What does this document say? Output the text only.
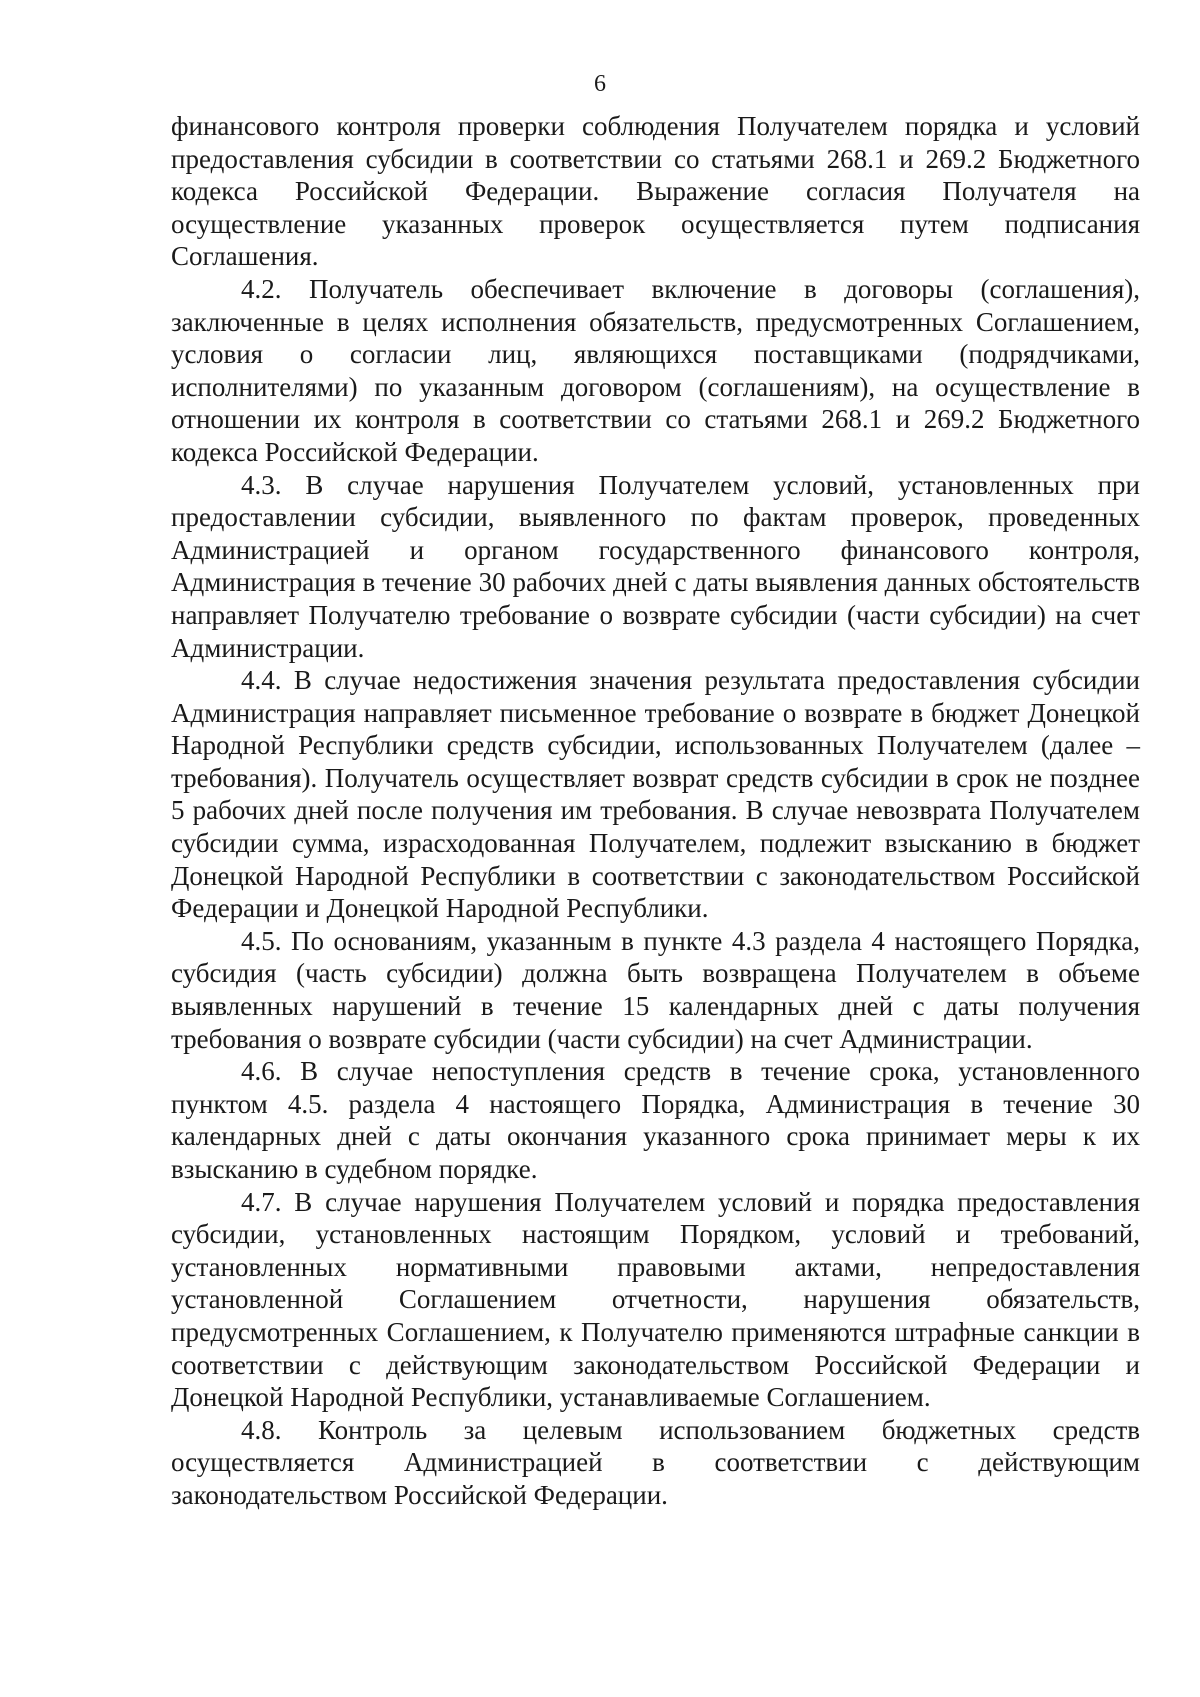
6

финансового контроля проверки соблюдения Получателем порядка и условий предоставления субсидии в соответствии со статьями 268.1 и 269.2 Бюджетного кодекса Российской Федерации. Выражение согласия Получателя на осуществление указанных проверок осуществляется путем подписания Соглашения.

4.2. Получатель обеспечивает включение в договоры (соглашения), заключенные в целях исполнения обязательств, предусмотренных Соглашением, условия о согласии лиц, являющихся поставщиками (подрядчиками, исполнителями) по указанным договором (соглашениям), на осуществление в отношении их контроля в соответствии со статьями 268.1 и 269.2 Бюджетного кодекса Российской Федерации.

4.3. В случае нарушения Получателем условий, установленных при предоставлении субсидии, выявленного по фактам проверок, проведенных Администрацией и органом государственного финансового контроля, Администрация в течение 30 рабочих дней с даты выявления данных обстоятельств направляет Получателю требование о возврате субсидии (части субсидии) на счет Администрации.

4.4. В случае недостижения значения результата предоставления субсидии Администрация направляет письменное требование о возврате в бюджет Донецкой Народной Республики средств субсидии, использованных Получателем (далее – требования). Получатель осуществляет возврат средств субсидии в срок не позднее 5 рабочих дней после получения им требования. В случае невозврата Получателем субсидии сумма, израсходованная Получателем, подлежит взысканию в бюджет Донецкой Народной Республики в соответствии с законодательством Российской Федерации и Донецкой Народной Республики.

4.5. По основаниям, указанным в пункте 4.3 раздела 4 настоящего Порядка, субсидия (часть субсидии) должна быть возвращена Получателем в объеме выявленных нарушений в течение 15 календарных дней с даты получения требования о возврате субсидии (части субсидии) на счет Администрации.

4.6. В случае непоступления средств в течение срока, установленного пунктом 4.5. раздела 4 настоящего Порядка, Администрация в течение 30 календарных дней с даты окончания указанного срока принимает меры к их взысканию в судебном порядке.

4.7. В случае нарушения Получателем условий и порядка предоставления субсидии, установленных настоящим Порядком, условий и требований, установленных нормативными правовыми актами, непредоставления установленной Соглашением отчетности, нарушения обязательств, предусмотренных Соглашением, к Получателю применяются штрафные санкции в соответствии с действующим законодательством Российской Федерации и Донецкой Народной Республики, устанавливаемые Соглашением.

4.8. Контроль за целевым использованием бюджетных средств осуществляется Администрацией в соответствии с действующим законодательством Российской Федерации.
